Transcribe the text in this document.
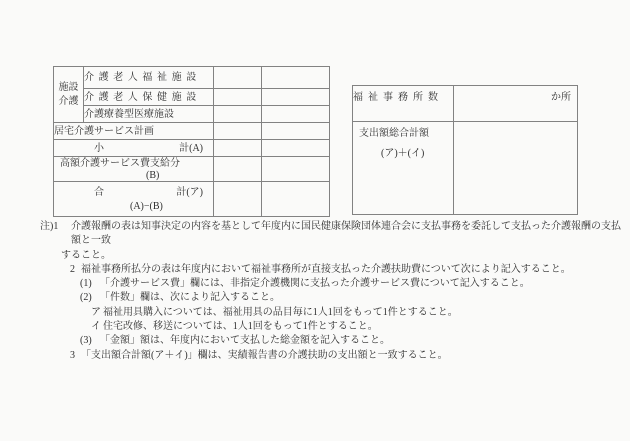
施設
介護	介護老人福祉施設		
	介護老人保健施設		
	介護療養型医療施設		
居宅介護サービス計画			

小 計(A)			

高額介護サービス費支給分
(B)			

合 計(ア)
(A)−(B)			

福祉事務所数	か所

支出額総合計額
(ア)＋(イ)	

注)1	介護報酬の表は知事決定の内容を基として年度内に国民健康保険団体連合会に支払事務を委託して支払った介護報酬の支払額と一致
すること。
2 福祉事務所払分の表は年度内において福祉事務所が直接支払った介護扶助費について次により記入すること。
(1) 「介護サービス費」欄には、非指定介護機関に支払った介護サービス費について記入すること。
(2) 「件数」欄は、次により記入すること。
ア 福祉用具購入については、福祉用具の品目毎に1人1回をもって1件とすること。
イ 住宅改修、移送については、1人1回をもって1件とすること。
(3) 「金額」額は、年度内において支払した総金額を記入すること。
3 「支出額合計額(ア＋イ)」欄は、実績報告書の介護扶助の支出額と一致すること。
